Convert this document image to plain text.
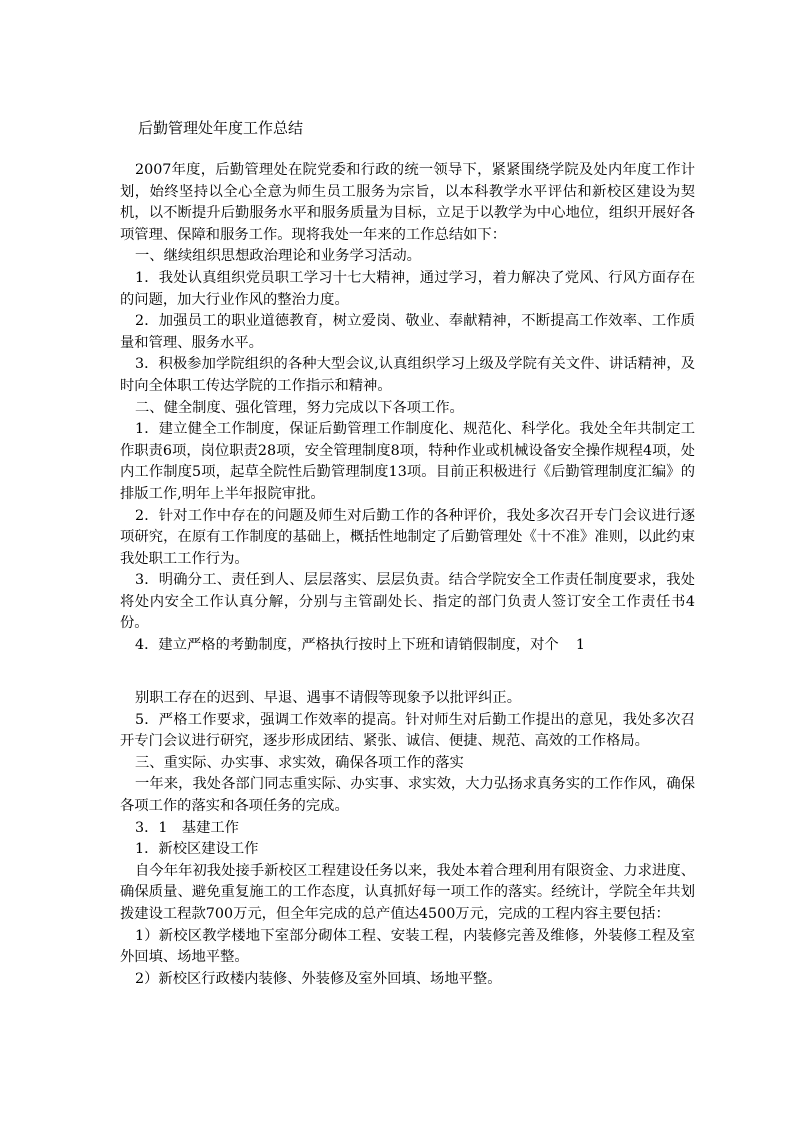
后勤管理处年度工作总结

2007年度，后勤管理处在院党委和行政的统一领导下，紧紧围绕学院及处内年度工作计划，始终坚持以全心全意为师生员工服务为宗旨，以本科教学水平评估和新校区建设为契机，以不断提升后勤服务水平和服务质量为目标，立足于以教学为中心地位，组织开展好各项管理、保障和服务工作。现将我处一年来的工作总结如下：

一、继续组织思想政治理论和业务学习活动。

1．我处认真组织党员职工学习十七大精神，通过学习，着力解决了党风、行风方面存在的问题，加大行业作风的整治力度。

2．加强员工的职业道德教育，树立爱岗、敬业、奉献精神，不断提高工作效率、工作质量和管理、服务水平。

3．积极参加学院组织的各种大型会议,认真组织学习上级及学院有关文件、讲话精神，及时向全体职工传达学院的工作指示和精神。

二、健全制度、强化管理，努力完成以下各项工作。

1．建立健全工作制度，保证后勤管理工作制度化、规范化、科学化。我处全年共制定工作职责6项，岗位职责28项，安全管理制度8项，特种作业或机械设备安全操作规程4项，处内工作制度5项，起草全院性后勤管理制度13项。目前正积极进行《后勤管理制度汇编》的排版工作,明年上半年报院审批。

2．针对工作中存在的问题及师生对后勤工作的各种评价，我处多次召开专门会议进行逐项研究，在原有工作制度的基础上，概括性地制定了后勤管理处《十不准》准则，以此约束我处职工工作行为。

3．明确分工、责任到人、层层落实、层层负责。结合学院安全工作责任制度要求，我处将处内安全工作认真分解，分别与主管副处长、指定的部门负责人签订安全工作责任书4份。

4．建立严格的考勤制度，严格执行按时上下班和请销假制度，对个 1

别职工存在的迟到、早退、遇事不请假等现象予以批评纠正。

5．严格工作要求，强调工作效率的提高。针对师生对后勤工作提出的意见，我处多次召开专门会议进行研究，逐步形成团结、紧张、诚信、便捷、规范、高效的工作格局。

三、重实际、办实事、求实效，确保各项工作的落实

一年来，我处各部门同志重实际、办实事、求实效，大力弘扬求真务实的工作作风，确保各项工作的落实和各项任务的完成。

3．1　基建工作

1．新校区建设工作

自今年年初我处接手新校区工程建设任务以来，我处本着合理利用有限资金、力求进度、确保质量、避免重复施工的工作态度，认真抓好每一项工作的落实。经统计，学院全年共划拨建设工程款700万元，但全年完成的总产值达4500万元，完成的工程内容主要包括：

1）新校区教学楼地下室部分砌体工程、安装工程，内装修完善及维修，外装修工程及室外回填、场地平整。

2）新校区行政楼内装修、外装修及室外回填、场地平整。
